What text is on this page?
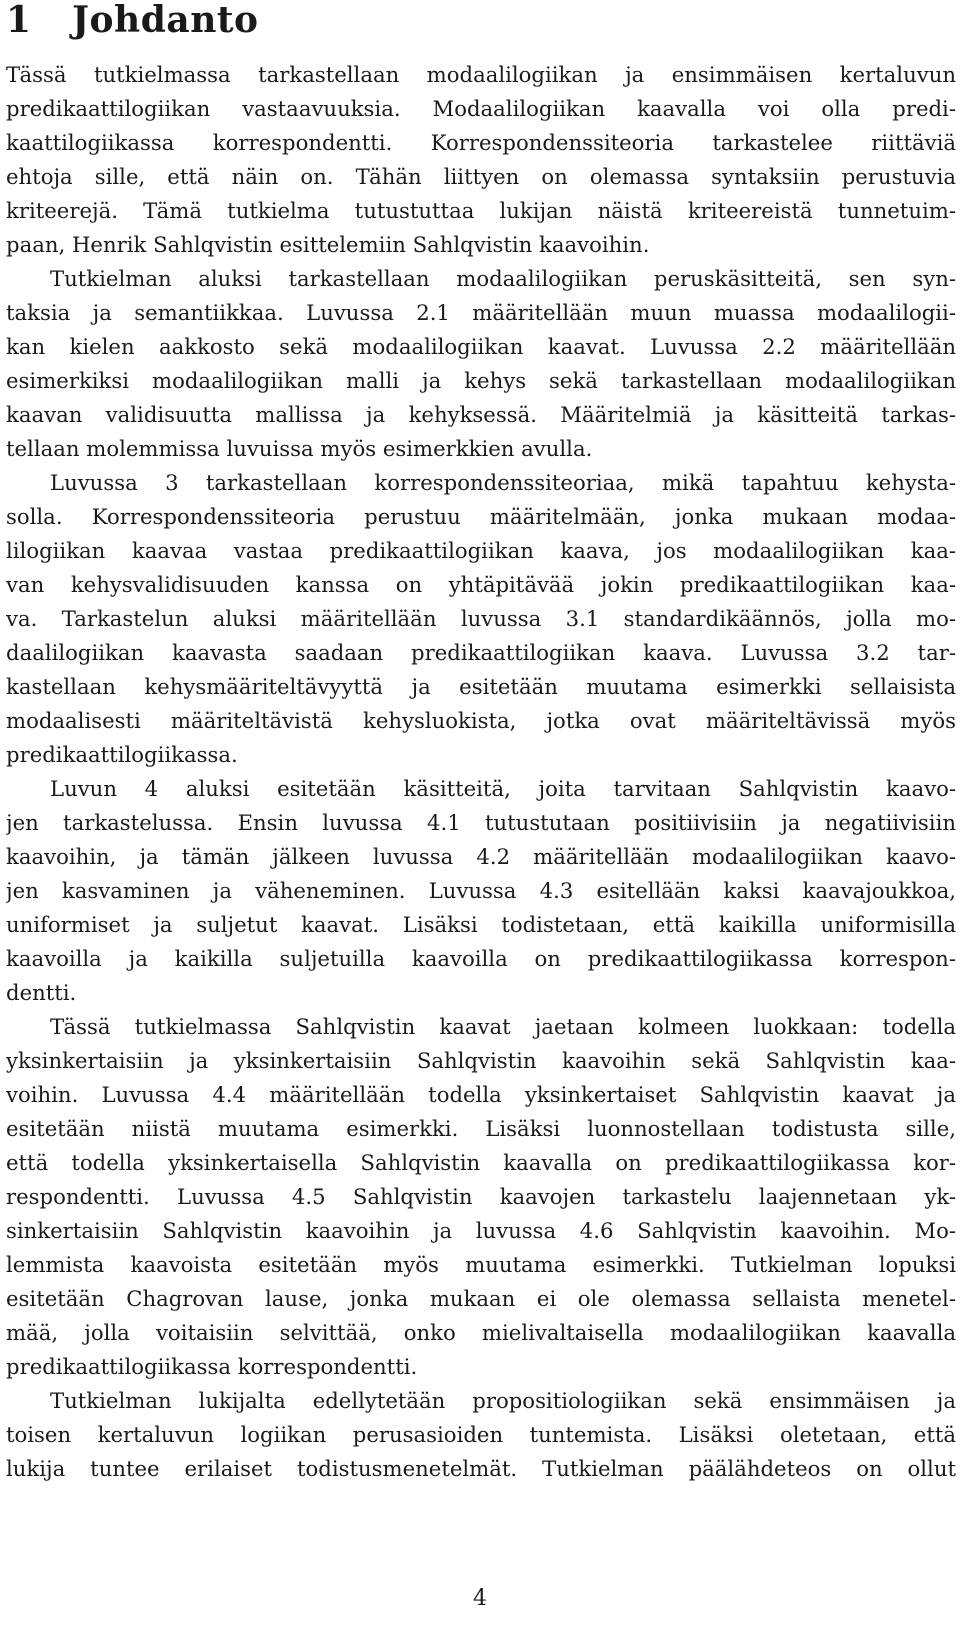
1 Johdanto
Tässä tutkielmassa tarkastellaan modaalilogiikan ja ensimmäisen kertaluvun
predikaattilogiikan vastaavuuksia. Modaalilogiikan kaavalla voi olla predi-
kaattilogiikassa korrespondentti. Korrespondenssiteoria tarkastelee riittäviä
ehtoja sille, että näin on. Tähän liittyen on olemassa syntaksiin perustuvia
kriteerejä. Tämä tutkielma tutustuttaa lukijan näistä kriteereistä tunnetuim-
paan, Henrik Sahlqvistin esittelemiin Sahlqvistin kaavoihin.
Tutkielman aluksi tarkastellaan modaalilogiikan peruskäsitteitä, sen syn-
taksia ja semantiikkaa. Luvussa 2.1 määritellään muun muassa modaalilogii-
kan kielen aakkosto sekä modaalilogiikan kaavat. Luvussa 2.2 määritellään
esimerkiksi modaalilogiikan malli ja kehys sekä tarkastellaan modaalilogiikan
kaavan validisuutta mallissa ja kehyksessä. Määritelmiä ja käsitteitä tarkas-
tellaan molemmissa luvuissa myös esimerkkien avulla.
Luvussa 3 tarkastellaan korrespondenssiteoriaa, mikä tapahtuu kehysta-
solla. Korrespondenssiteoria perustuu määritelmään, jonka mukaan modaa-
lilogiikan kaavaa vastaa predikaattilogiikan kaava, jos modaalilogiikan kaa-
van kehysvalidisuuden kanssa on yhtäpitävää jokin predikaattilogiikan kaa-
va. Tarkastelun aluksi määritellään luvussa 3.1 standardikäännös, jolla mo-
daalilogiikan kaavasta saadaan predikaattilogiikan kaava. Luvussa 3.2 tar-
kastellaan kehysmääriteltävyyttä ja esitetään muutama esimerkki sellaisista
modaalisesti määriteltävistä kehysluokista, jotka ovat määriteltävissä myös
predikaattilogiikassa.
Luvun 4 aluksi esitetään käsitteitä, joita tarvitaan Sahlqvistin kaavo-
jen tarkastelussa. Ensin luvussa 4.1 tutustutaan positiivisiin ja negatiivisiin
kaavoihin, ja tämän jälkeen luvussa 4.2 määritellään modaalilogiikan kaavo-
jen kasvaminen ja väheneminen. Luvussa 4.3 esitellään kaksi kaavajoukkoa,
uniformiset ja suljetut kaavat. Lisäksi todistetaan, että kaikilla uniformisilla
kaavoilla ja kaikilla suljetuilla kaavoilla on predikaattilogiikassa korrespon-
dentti.
Tässä tutkielmassa Sahlqvistin kaavat jaetaan kolmeen luokkaan: todella
yksinkertaisiin ja yksinkertaisiin Sahlqvistin kaavoihin sekä Sahlqvistin kaa-
voihin. Luvussa 4.4 määritellään todella yksinkertaiset Sahlqvistin kaavat ja
esitetään niistä muutama esimerkki. Lisäksi luonnostellaan todistusta sille,
että todella yksinkertaisella Sahlqvistin kaavalla on predikaattilogiikassa kor-
respondentti. Luvussa 4.5 Sahlqvistin kaavojen tarkastelu laajennetaan yk-
sinkertaisiin Sahlqvistin kaavoihin ja luvussa 4.6 Sahlqvistin kaavoihin. Mo-
lemmista kaavoista esitetään myös muutama esimerkki. Tutkielman lopuksi
esitetään Chagrovan lause, jonka mukaan ei ole olemassa sellaista menetel-
mää, jolla voitaisiin selvittää, onko mielivaltaisella modaalilogiikan kaavalla
predikaattilogiikassa korrespondentti.
Tutkielman lukijalta edellytetään propositiologiikan sekä ensimmäisen ja
toisen kertaluvun logiikan perusasioiden tuntemista. Lisäksi oletetaan, että
lukija tuntee erilaiset todistusmenetelmät. Tutkielman päälähdeteos on ollut
4
